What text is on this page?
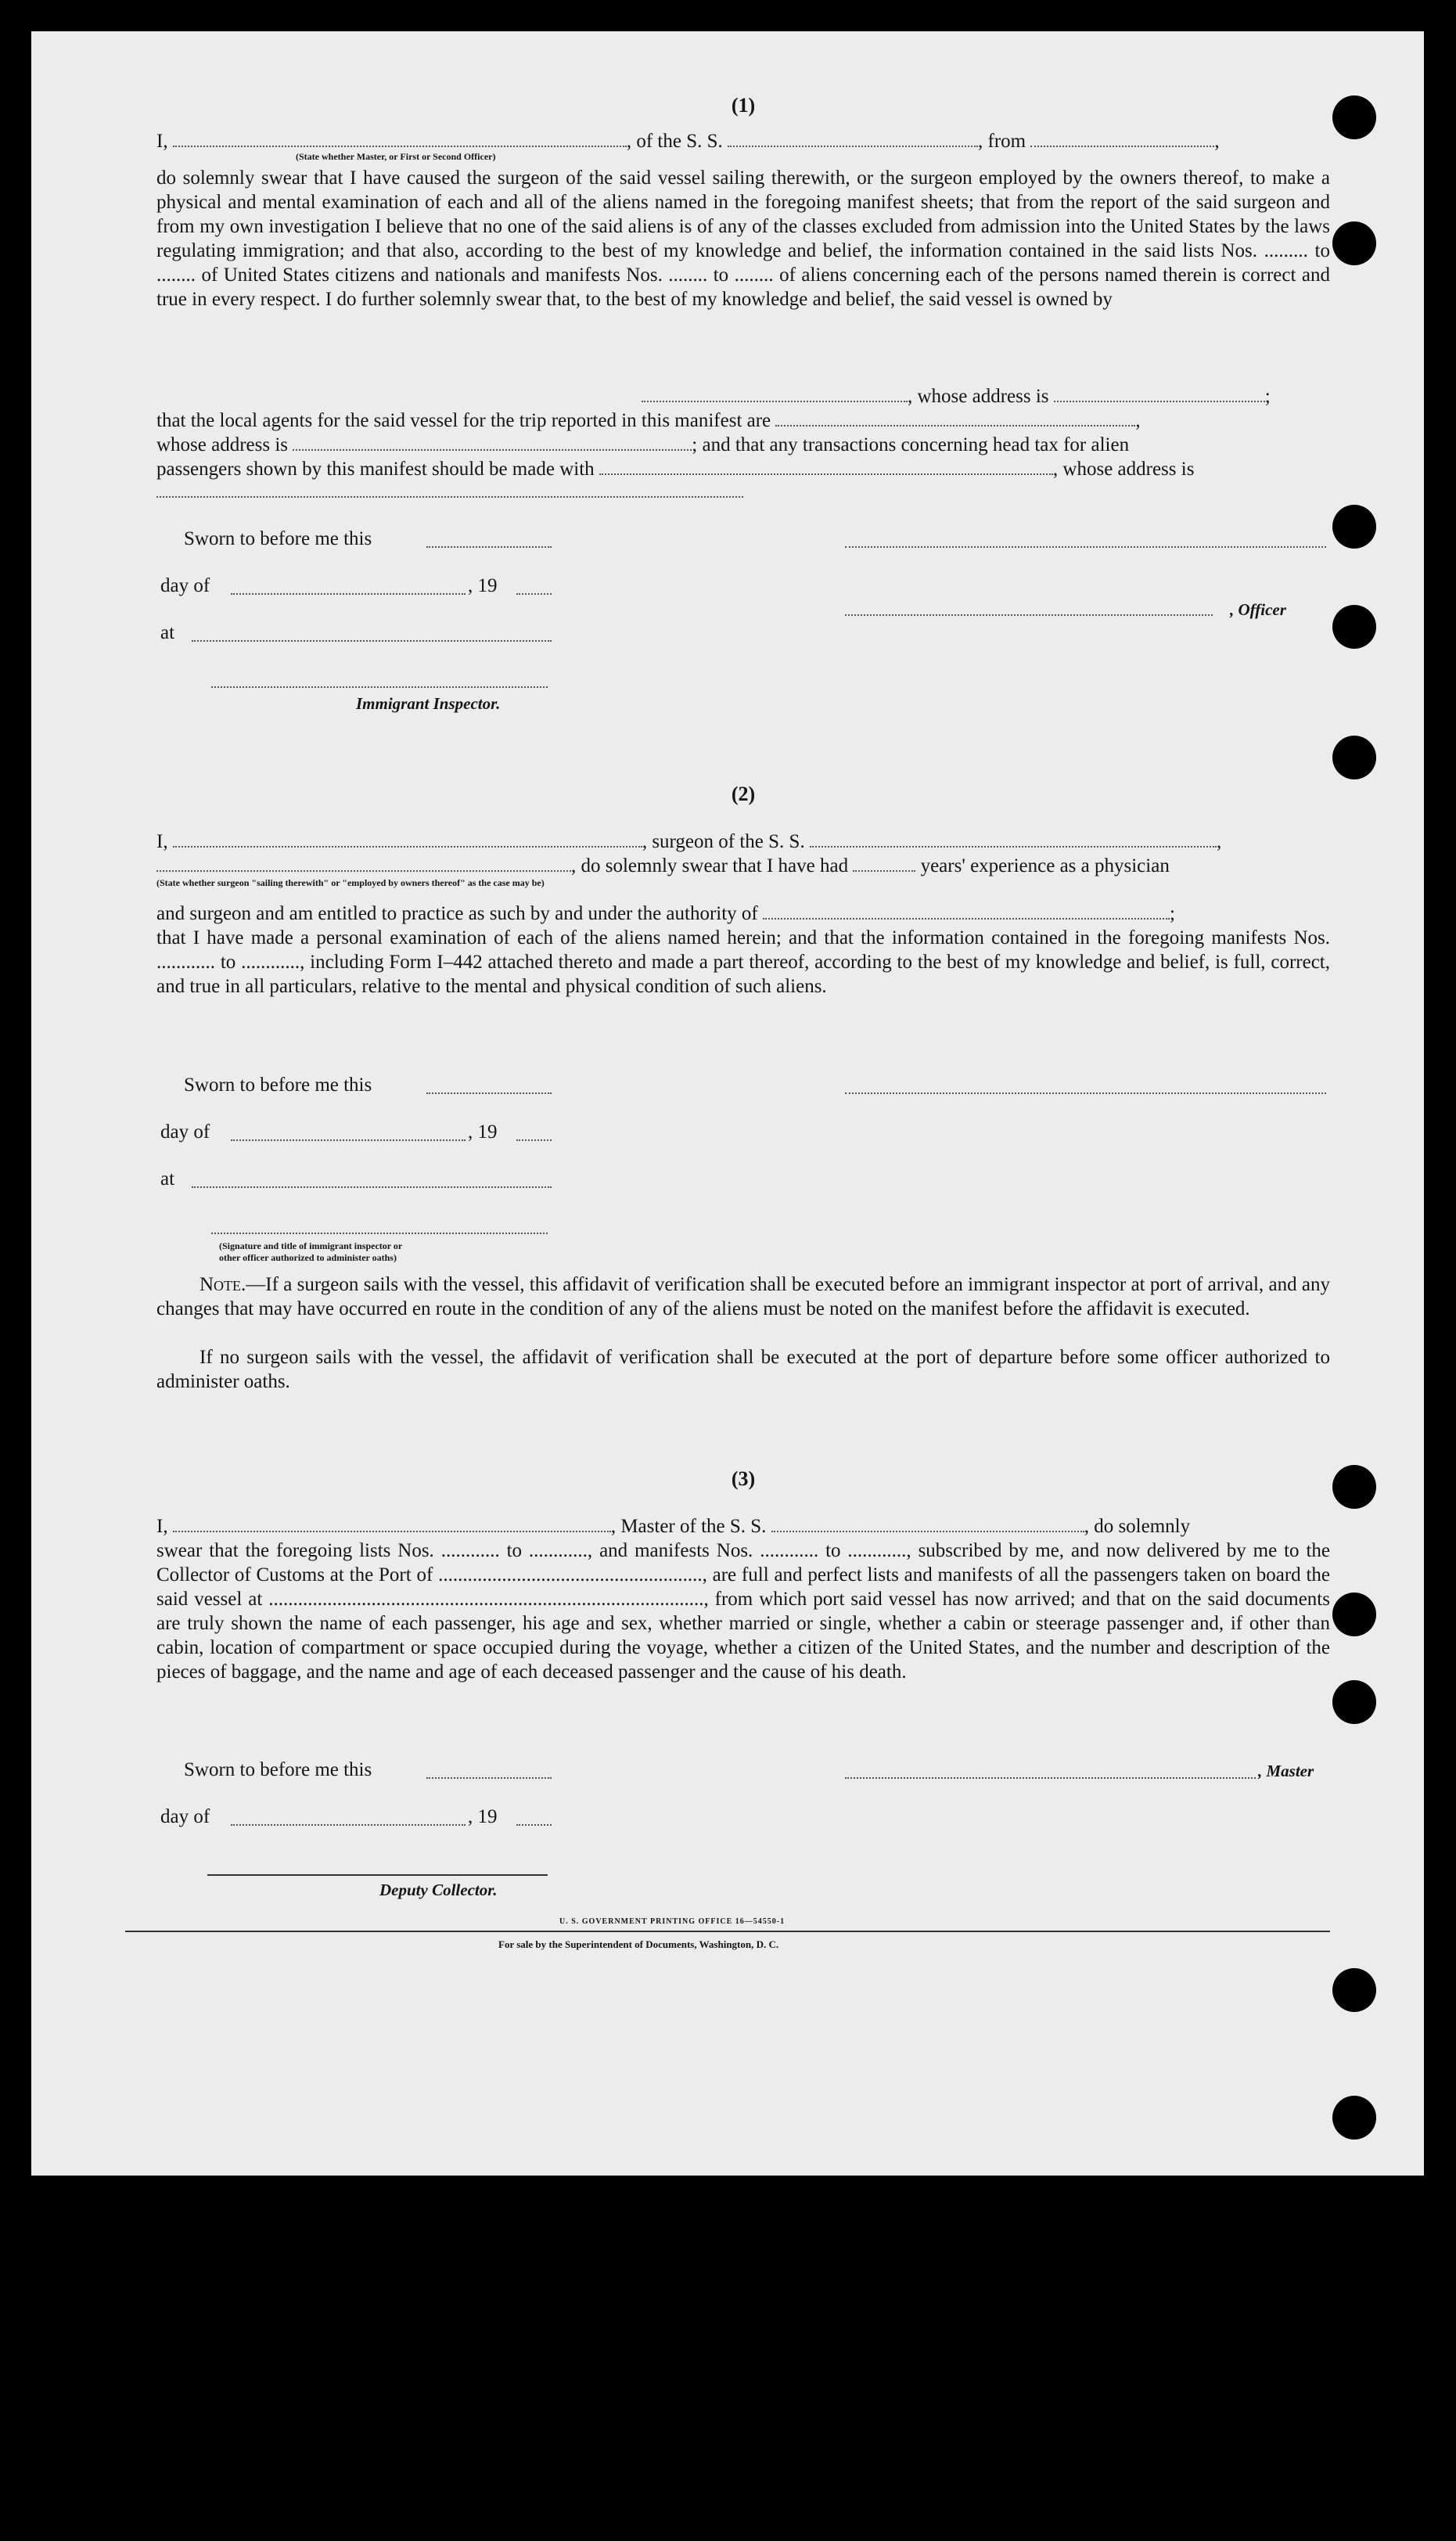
(1)
I,	, of the S. S.	, from	,
(State whether Master, or First or Second Officer)
do solemnly swear that I have caused the surgeon of the said vessel sailing therewith, or the surgeon employed by the owners thereof, to make a physical and mental examination of each and all of the aliens named in the foregoing manifest sheets; that from the report of the said surgeon and from my own investigation I believe that no one of the said aliens is of any of the classes excluded from admission into the United States by the laws regulating immigration; and that also, according to the best of my knowledge and belief, the information contained in the said lists Nos. ......... to ........ of United States citizens and nationals and manifests Nos. ........ to ........ of aliens concerning each of the persons named therein is correct and true in every respect. I do further solemnly swear that, to the best of my knowledge and belief, the said vessel is owned by
, whose address is	;
that the local agents for the said vessel for the trip reported in this manifest are	,
whose address is	; and that any transactions concerning head tax for alien
passengers shown by this manifest should be made with	, whose address is
Sworn to before me this
day of	, 19
, Officer
at
Immigrant Inspector.
(2)
I,	, surgeon of the S. S.	,
, do solemnly swear that I have had	years' experience as a physician
(State whether surgeon "sailing therewith" or "employed by owners thereof" as the case may be)
and surgeon and am entitled to practice as such by and under the authority of	;
that I have made a personal examination of each of the aliens named herein; and that the information contained in the foregoing manifests Nos. ............ to ............, including Form I–442 attached thereto and made a part thereof, according to the best of my knowledge and belief, is full, correct, and true in all particulars, relative to the mental and physical condition of such aliens.
Sworn to before me this
day of	, 19
at
(Signature and title of immigrant inspector or
other officer authorized to administer oaths)
Note.—If a surgeon sails with the vessel, this affidavit of verification shall be executed before an immigrant inspector at port of arrival, and any changes that may have occurred en route in the condition of any of the aliens must be noted on the manifest before the affidavit is executed.
If no surgeon sails with the vessel, the affidavit of verification shall be executed at the port of departure before some officer authorized to administer oaths.
(3)
I,	, Master of the S. S.	, do solemnly
swear that the foregoing lists Nos. ............ to ............, and manifests Nos. ............ to ............, subscribed by me, and now delivered by me to the Collector of Customs at the Port of ......................................................, are full and perfect lists and manifests of all the passengers taken on board the said vessel at ........................................................................................., from which port said vessel has now arrived; and that on the said documents are truly shown the name of each passenger, his age and sex, whether married or single, whether a cabin or steerage passenger and, if other than cabin, location of compartment or space occupied during the voyage, whether a citizen of the United States, and the number and description of the pieces of baggage, and the name and age of each deceased passenger and the cause of his death.
Sworn to before me this	, Master
day of	, 19
Deputy Collector.
U. S. GOVERNMENT PRINTING OFFICE 16—54550-1
For sale by the Superintendent of Documents, Washington, D. C.
